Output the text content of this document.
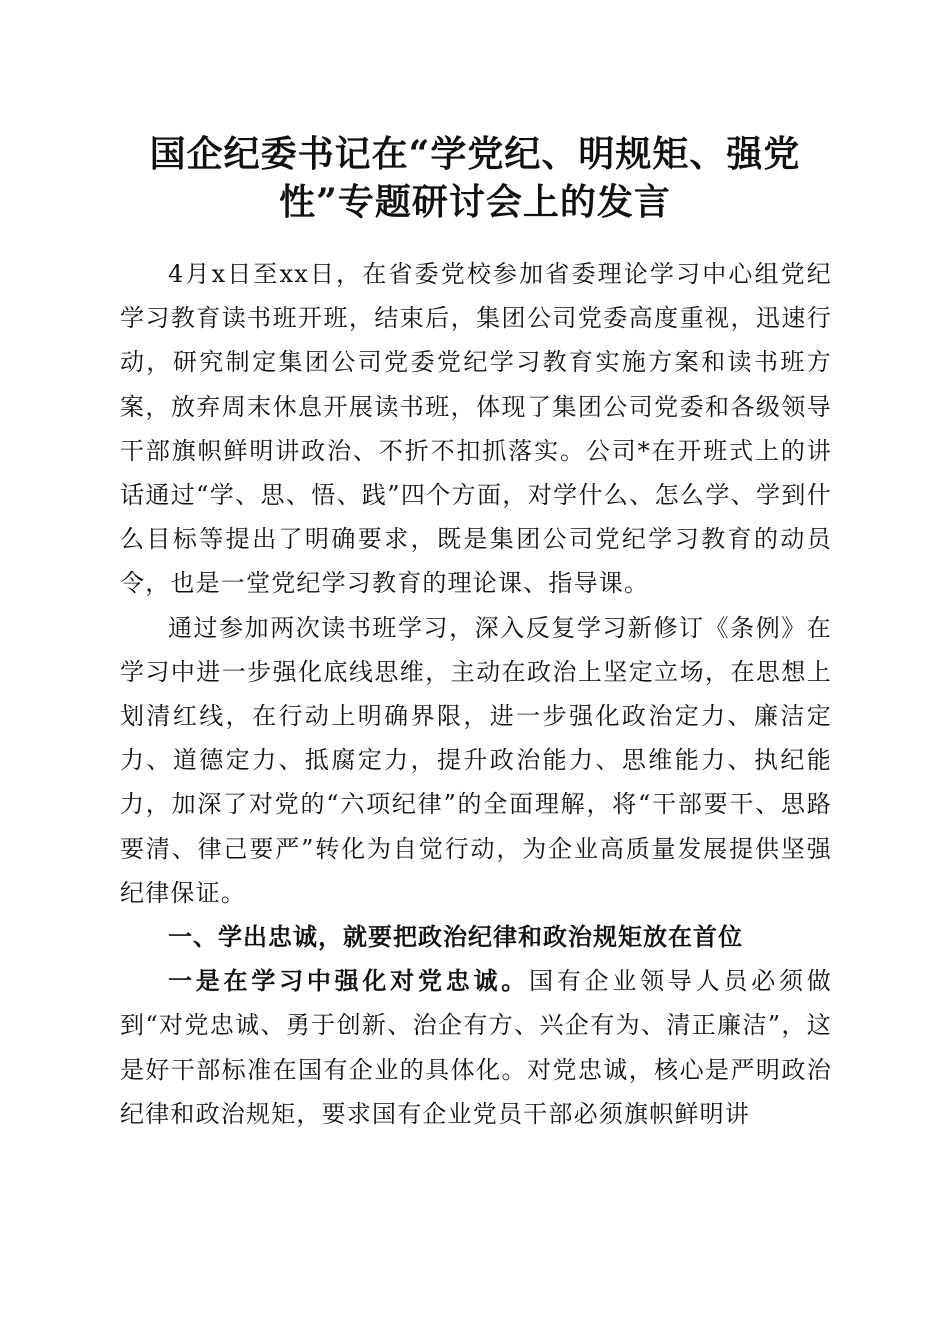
国企纪委书记在“学党纪、明规矩、强党
性”专题研讨会上的发言

4月x日至xx日，在省委党校参加省委理论学习中心组党纪学习教育读书班开班，结束后，集团公司党委高度重视，迅速行动，研究制定集团公司党委党纪学习教育实施方案和读书班方案，放弃周末休息开展读书班，体现了集团公司党委和各级领导干部旗帜鲜明讲政治、不折不扣抓落实。公司*在开班式上的讲话通过“学、思、悟、践”四个方面，对学什么、怎么学、学到什么目标等提出了明确要求，既是集团公司党纪学习教育的动员令，也是一堂党纪学习教育的理论课、指导课。

通过参加两次读书班学习，深入反复学习新修订《条例》在学习中进一步强化底线思维，主动在政治上坚定立场，在思想上划清红线，在行动上明确界限，进一步强化政治定力、廉洁定力、道德定力、抵腐定力，提升政治能力、思维能力、执纪能力，加深了对党的“六项纪律”的全面理解，将“干部要干、思路要清、律己要严”转化为自觉行动，为企业高质量发展提供坚强纪律保证。

一、学出忠诚，就要把政治纪律和政治规矩放在首位

一是在学习中强化对党忠诚。国有企业领导人员必须做到“对党忠诚、勇于创新、治企有方、兴企有为、清正廉洁”，这是好干部标准在国有企业的具体化。对党忠诚，核心是严明政治纪律和政治规矩，要求国有企业党员干部必须旗帜鲜明讲
